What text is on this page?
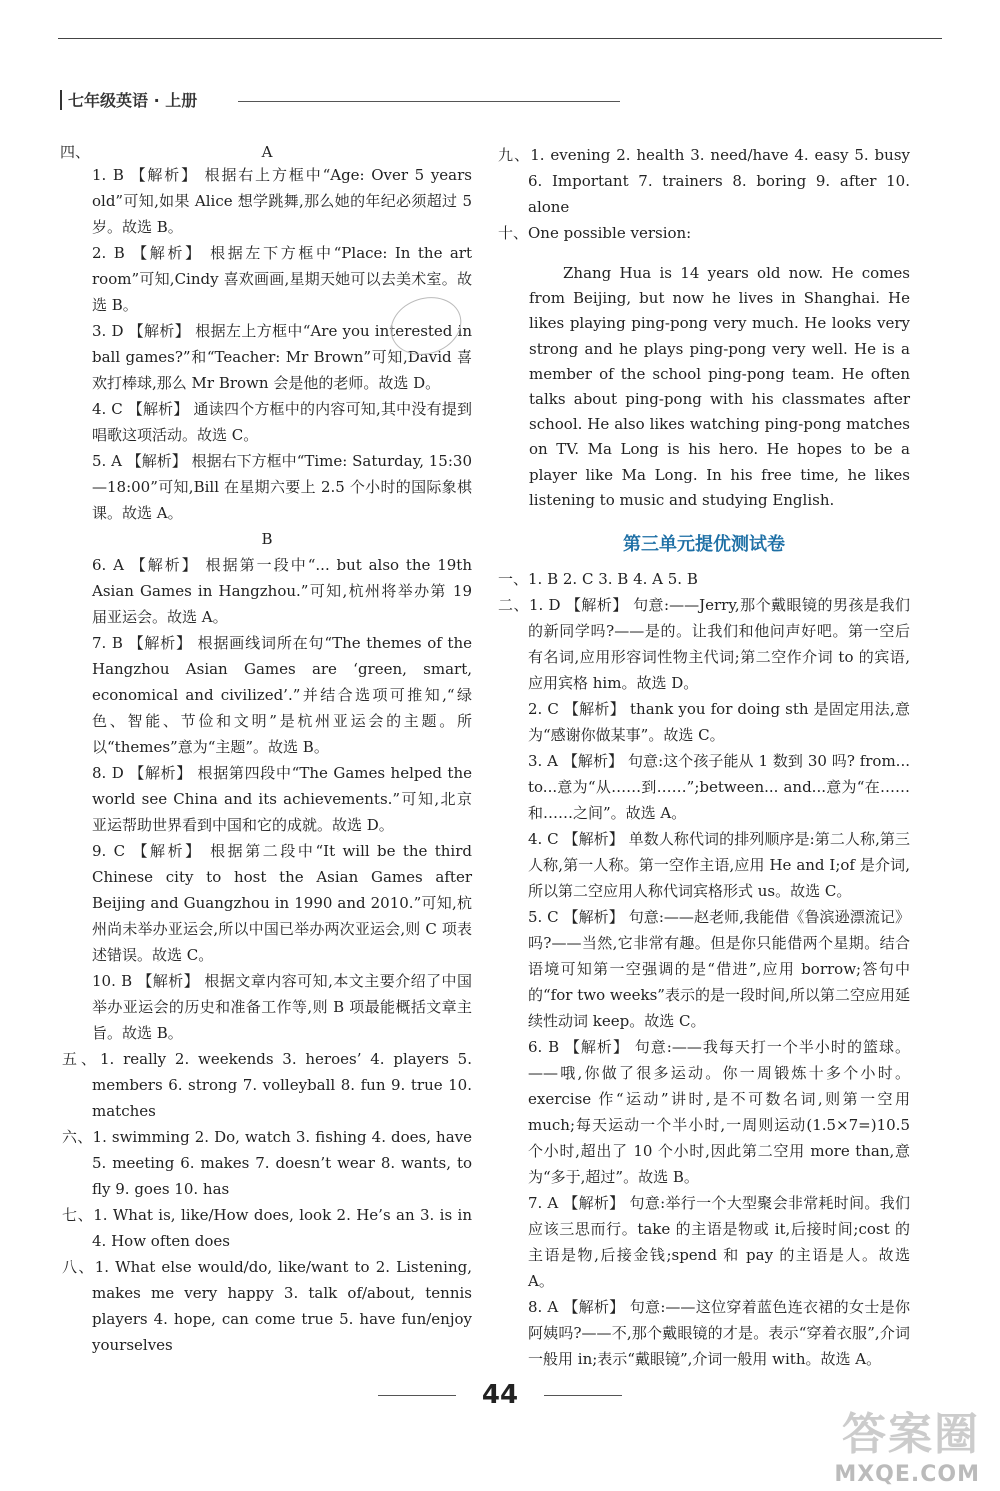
七年级英语 · 上册
四、	A

1. B 【解析】 根据右上方框中“Age: Over 5 years old”可知,如果 Alice 想学跳舞,那么她的年纪必须超过 5 岁。故选 B。

2. B 【解析】 根据左下方框中“Place: In the art room”可知,Cindy 喜欢画画,星期天她可以去美术室。故选 B。

3. D 【解析】 根据左上方框中“Are you interested in ball games?”和“Teacher: Mr Brown”可知,David 喜欢打棒球,那么 Mr Brown 会是他的老师。故选 D。

4. C 【解析】 通读四个方框中的内容可知,其中没有提到唱歌这项活动。故选 C。

5. A 【解析】 根据右下方框中“Time: Saturday, 15:30—18:00”可知,Bill 在星期六要上 2.5 个小时的国际象棋课。故选 A。

B

6. A 【解析】 根据第一段中“... but also the 19th Asian Games in Hangzhou.”可知,杭州将举办第 19 届亚运会。故选 A。

7. B 【解析】 根据画线词所在句“The themes of the Hangzhou Asian Games are ‘green, smart, economical and civilized’.”并结合选项可推知,“绿色、智能、节俭和文明”是杭州亚运会的主题。所以“themes”意为“主题”。故选 B。

8. D 【解析】 根据第四段中“The Games helped the world see China and its achievements.”可知,北京亚运帮助世界看到中国和它的成就。故选 D。

9. C 【解析】 根据第二段中“It will be the third Chinese city to host the Asian Games after Beijing and Guangzhou in 1990 and 2010.”可知,杭州尚未举办亚运会,所以中国已举办两次亚运会,则 C 项表述错误。故选 C。

10. B 【解析】 根据文章内容可知,本文主要介绍了中国举办亚运会的历史和准备工作等,则 B 项最能概括文章主旨。故选 B。

五、1. really 2. weekends 3. heroes’ 4. players 5. members 6. strong 7. volleyball 8. fun 9. true 10. matches

六、1. swimming 2. Do, watch 3. fishing 4. does, have 5. meeting 6. makes 7. doesn’t wear 8. wants, to fly 9. goes 10. has

七、1. What is, like/How does, look 2. He’s an 3. is in 4. How often does

八、1. What else would/do, like/want to 2. Listening, makes me very happy 3. talk of/about, tennis players 4. hope, can come true 5. have fun/enjoy yourselves

九、1. evening 2. health 3. need/have 4. easy 5. busy 6. Important 7. trainers 8. boring 9. after 10. alone

十、One possible version:

Zhang Hua is 14 years old now. He comes from Beijing, but now he lives in Shanghai. He likes playing ping-pong very much. He looks very strong and he plays ping-pong very well. He is a member of the school ping-pong team. He often talks about ping-pong with his classmates after school. He also likes watching ping-pong matches on TV. Ma Long is his hero. He hopes to be a player like Ma Long. In his free time, he likes listening to music and studying English.

第三单元提优测试卷

一、1. B 2. C 3. B 4. A 5. B

二、1. D 【解析】 句意:——Jerry,那个戴眼镜的男孩是我们的新同学吗?——是的。让我们和他问声好吧。第一空后有名词,应用形容词性物主代词;第二空作介词 to 的宾语,应用宾格 him。故选 D。

2. C 【解析】 thank you for doing sth 是固定用法,意为“感谢你做某事”。故选 C。

3. A 【解析】 句意:这个孩子能从 1 数到 30 吗? from... to...意为“从……到……”;between... and...意为“在……和……之间”。故选 A。

4. C 【解析】 单数人称代词的排列顺序是:第二人称,第三人称,第一人称。第一空作主语,应用 He and I;of 是介词,所以第二空应用人称代词宾格形式 us。故选 C。

5. C 【解析】 句意:——赵老师,我能借《鲁滨逊漂流记》吗?——当然,它非常有趣。但是你只能借两个星期。结合语境可知第一空强调的是“借进”,应用 borrow;答句中的“for two weeks”表示的是一段时间,所以第二空应用延续性动词 keep。故选 C。

6. B 【解析】 句意:——我每天打一个半小时的篮球。——哦,你做了很多运动。你一周锻炼十多个小时。exercise 作“运动”讲时,是不可数名词,则第一空用 much;每天运动一个半小时,一周则运动(1.5×7=)10.5 个小时,超出了 10 个小时,因此第二空用 more than,意为“多于,超过”。故选 B。

7. A 【解析】 句意:举行一个大型聚会非常耗时间。我们应该三思而行。take 的主语是物或 it,后接时间;cost 的主语是物,后接金钱;spend 和 pay 的主语是人。故选 A。

8. A 【解析】 句意:——这位穿着蓝色连衣裙的女士是你阿姨吗?——不,那个戴眼镜的才是。表示“穿着衣服”,介词一般用 in;表示“戴眼镜”,介词一般用 with。故选 A。

44
答案圈
MXQE.COM
